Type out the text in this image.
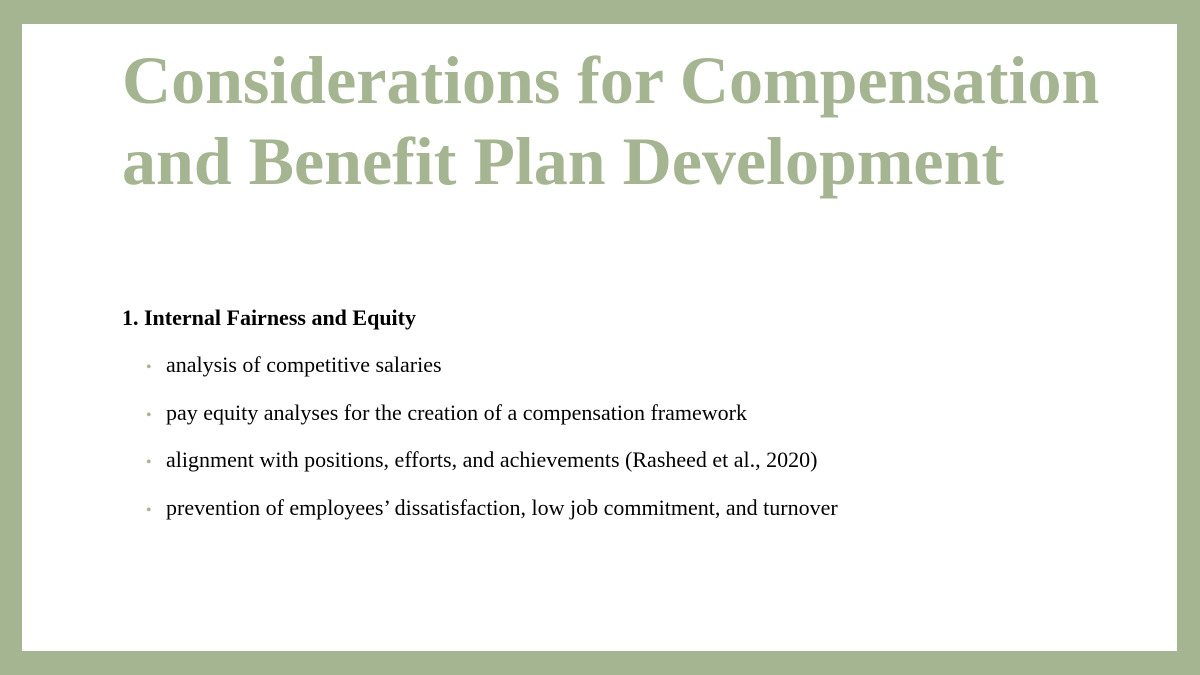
Considerations for Compensation and Benefit Plan Development

1. Internal Fairness and Equity

• analysis of competitive salaries
• pay equity analyses for the creation of a compensation framework
• alignment with positions, efforts, and achievements (Rasheed et al., 2020)
• prevention of employees’ dissatisfaction, low job commitment, and turnover
